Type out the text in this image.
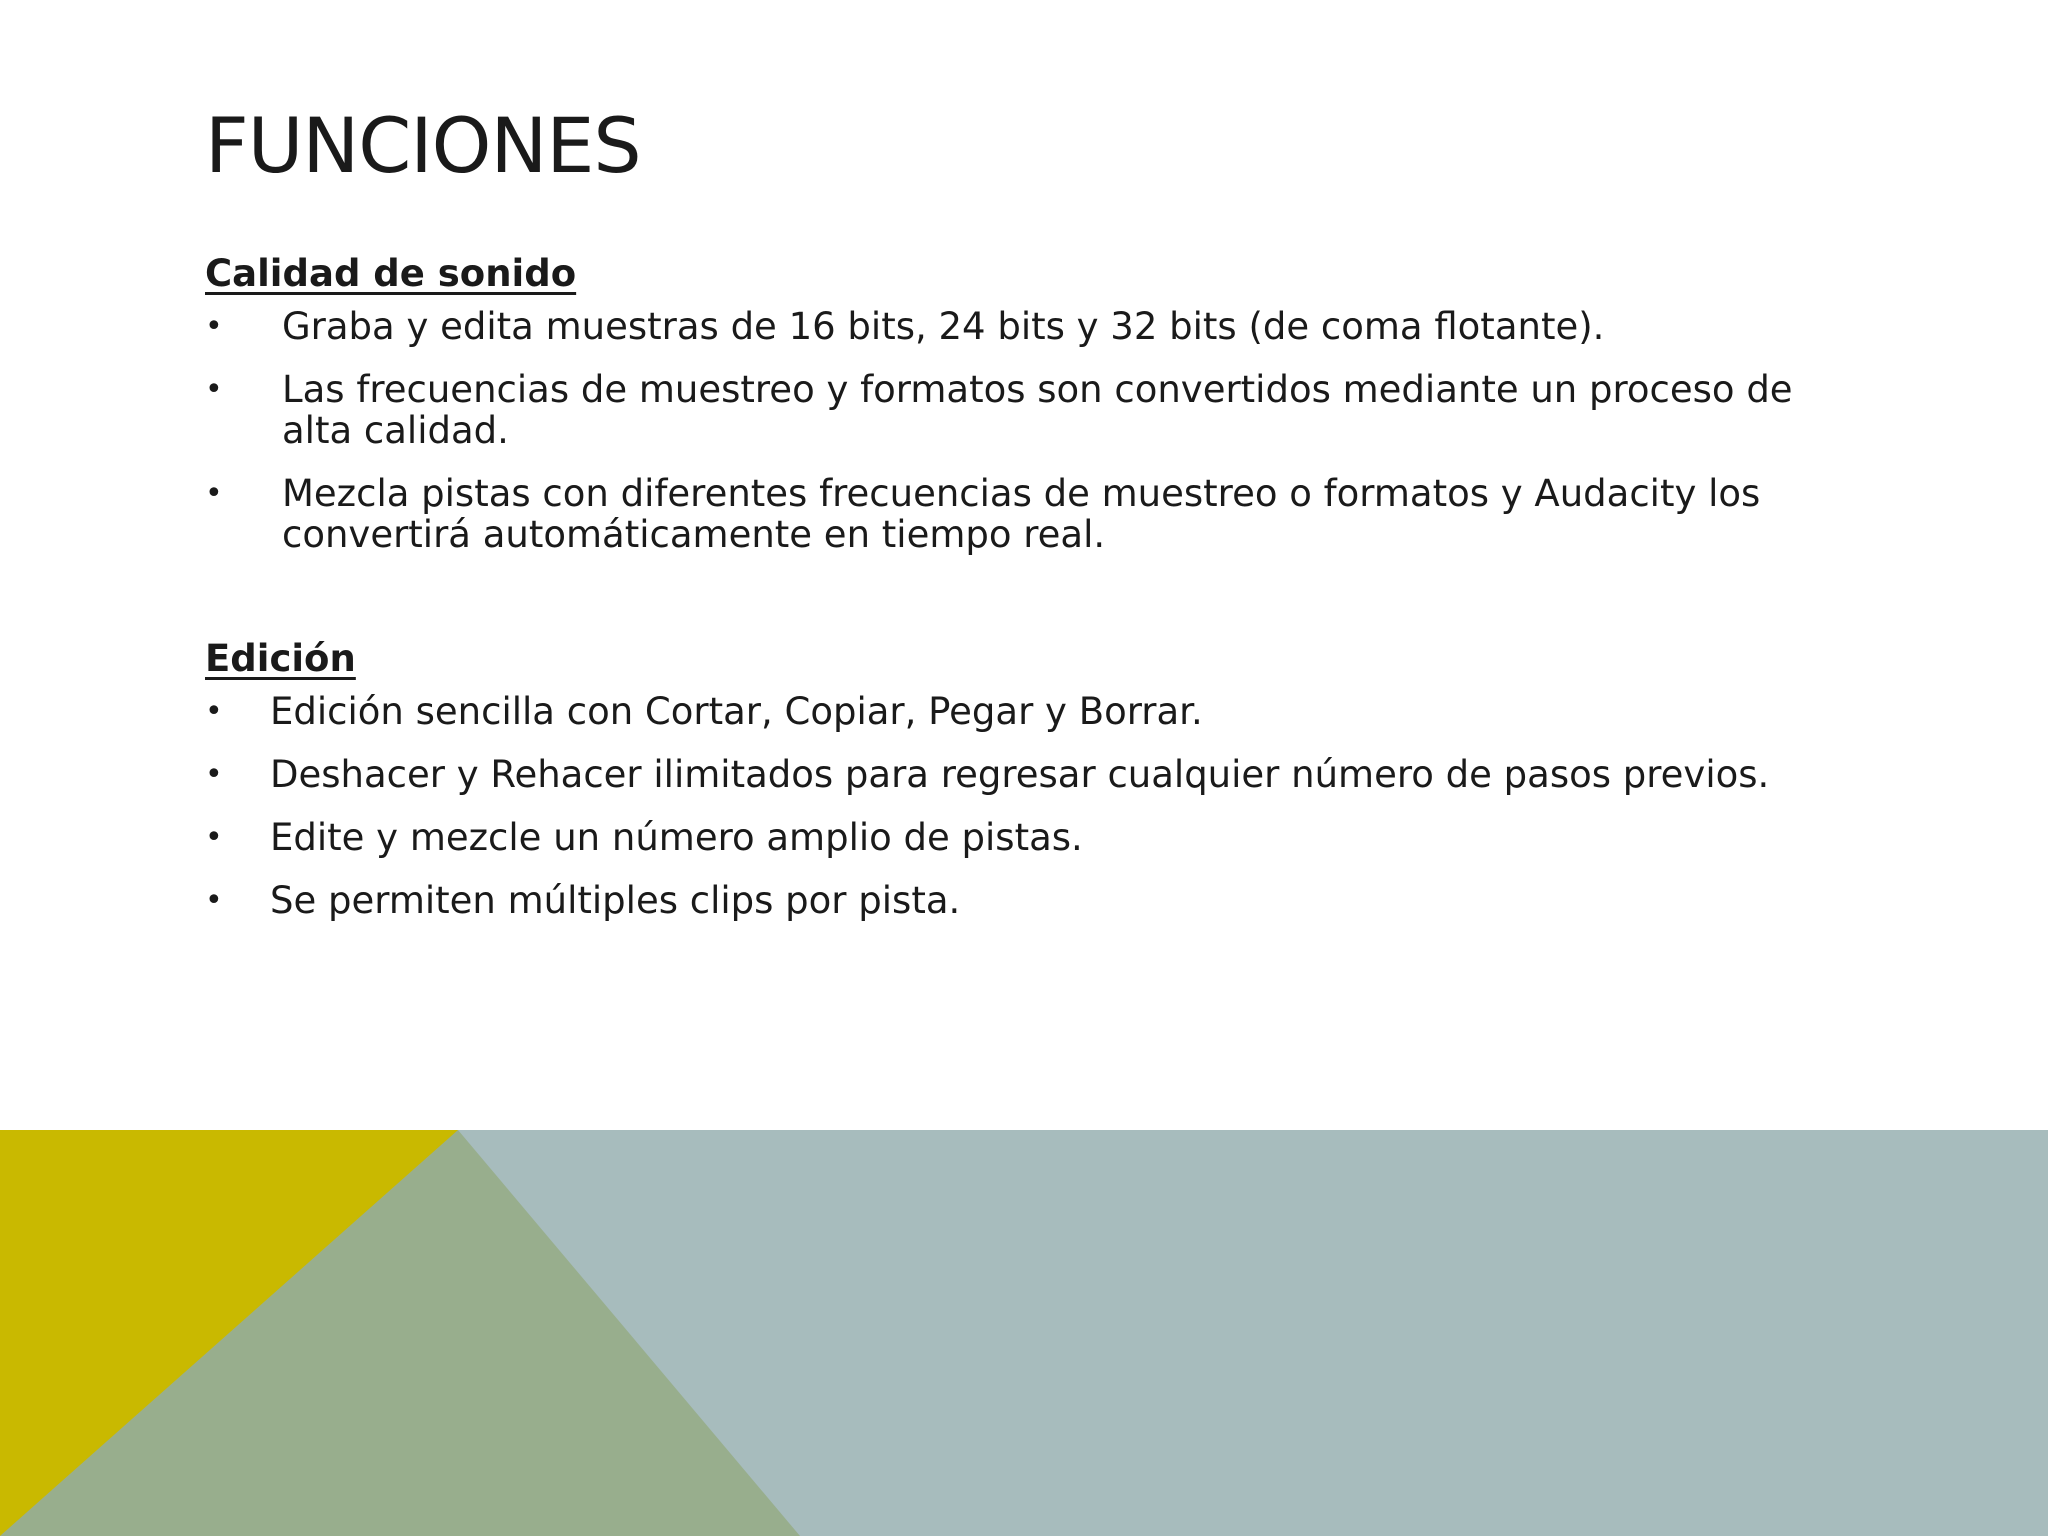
FUNCIONES
Calidad de sonido
• Graba y edita muestras de 16 bits, 24 bits y 32 bits (de coma flotante).
• Las frecuencias de muestreo y formatos son convertidos mediante un proceso de alta calidad.
• Mezcla pistas con diferentes frecuencias de muestreo o formatos y Audacity los convertirá automáticamente en tiempo real.
Edición
• Edición sencilla con Cortar, Copiar, Pegar y Borrar.
• Deshacer y Rehacer ilimitados para regresar cualquier número de pasos previos.
• Edite y mezcle un número amplio de pistas.
• Se permiten múltiples clips por pista.
